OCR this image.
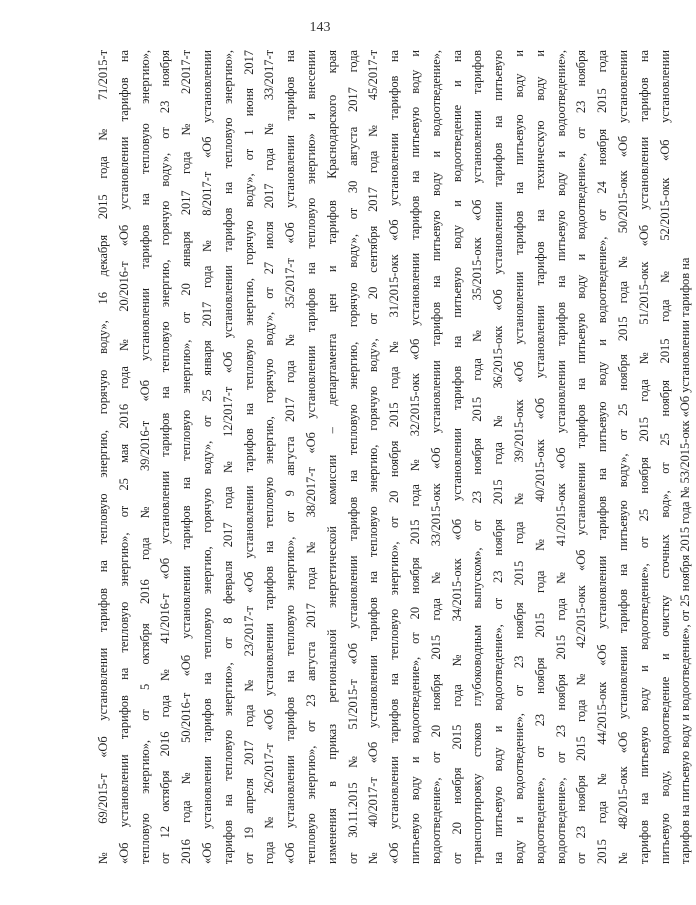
143
№ 69/2015-т «Об установлении тарифов на тепловую энергию, горячую воду», 16 декабря 2015 года № 71/2015-т «Об установлении тарифов на тепловую энергию», от 25 мая 2016 года № 20/2016-т «Об установлении тарифов на тепловую энергию», от 5 октября 2016 года № 39/2016-т «Об установлении тарифов на тепловую энергию», от 12 октября 2016 года № 41/2016-т «Об установлении тарифов на тепловую энергию, горячую воду», от 23 ноября 2016 года № 50/2016-т «Об установлении тарифов на тепловую энергию», от 20 января 2017 года № 2/2017-т «Об установлении тарифов на тепловую энергию, горячую воду», от 25 января 2017 года № 8/2017-т «Об установлении тарифов на тепловую энергию», от 8 февраля 2017 года № 12/2017-т «Об установлении тарифов на тепловую энергию», от 19 апреля 2017 года № 23/2017-т «Об установлении тарифов на тепловую энергию, горячую воду», от 1 июня 2017 года № 26/2017-т «Об установлении тарифов на тепловую энергию, горячую воду», от 27 июля 2017 года № 33/2017-т «Об установлении тарифов на тепловую энергию», от 9 августа 2017 года № 35/2017-т «Об установлении тарифов на тепловую энергию», от 23 августа 2017 года № 38/2017-т «Об установлении тарифов на тепловую энергию» и внесении изменения в приказ региональной энергетической комиссии – департамента цен и тарифов Краснодарского края от 30.11.2015 № 51/2015-т «Об установлении тарифов на тепловую энергию, горячую воду», от 30 августа 2017 года № 40/2017-т «Об установлении тарифов на тепловую энергию, горячую воду», от 20 сентября 2017 года № 45/2017-т «Об установлении тарифов на тепловую энергию», от 20 ноября 2015 года № 31/2015-окк «Об установлении тарифов на питьевую воду и водоотведение», от 20 ноября 2015 года № 32/2015-окк «Об установлении тарифов на питьевую воду и водоотведение», от 20 ноября 2015 года № 33/2015-окк «Об установлении тарифов на питьевую воду и водоотведение», от 20 ноября 2015 года № 34/2015-окк «Об установлении тарифов на питьевую воду и водоотведение и на транспортировку стоков глубоководным выпуском», от 23 ноября 2015 года № 35/2015-окк «Об установлении тарифов на питьевую воду и водоотведение», от 23 ноября 2015 года № 36/2015-окк «Об установлении тарифов на питьевую воду и водоотведение», от 23 ноября 2015 года № 39/2015-окк «Об установлении тарифов на питьевую воду и водоотведение», от 23 ноября 2015 года № 40/2015-окк «Об установлении тарифов на техническую воду и водоотведение», от 23 ноября 2015 года № 41/2015-окк «Об установлении тарифов на питьевую воду и водоотведение», от 23 ноября 2015 года № 42/2015-окк «Об установлении тарифов на питьевую воду и водоотведение», от 23 ноября 2015 года № 44/2015-окк «Об установлении тарифов на питьевую воду и водоотведение», от 24 ноября 2015 года № 48/2015-окк «Об установлении тарифов на питьевую воду», от 25 ноября 2015 года № 50/2015-окк «Об установлении тарифов на питьевую воду и водоотведение», от 25 ноября 2015 года № 51/2015-окк «Об установлении тарифов на питьевую воду, водоотведение и очистку сточных вод», от 25 ноября 2015 года № 52/2015-окк «Об установлении тарифов на питьевую воду и водоотведение», от 25 ноября 2015 года № 53/2015-окк «Об установлении тарифов на
